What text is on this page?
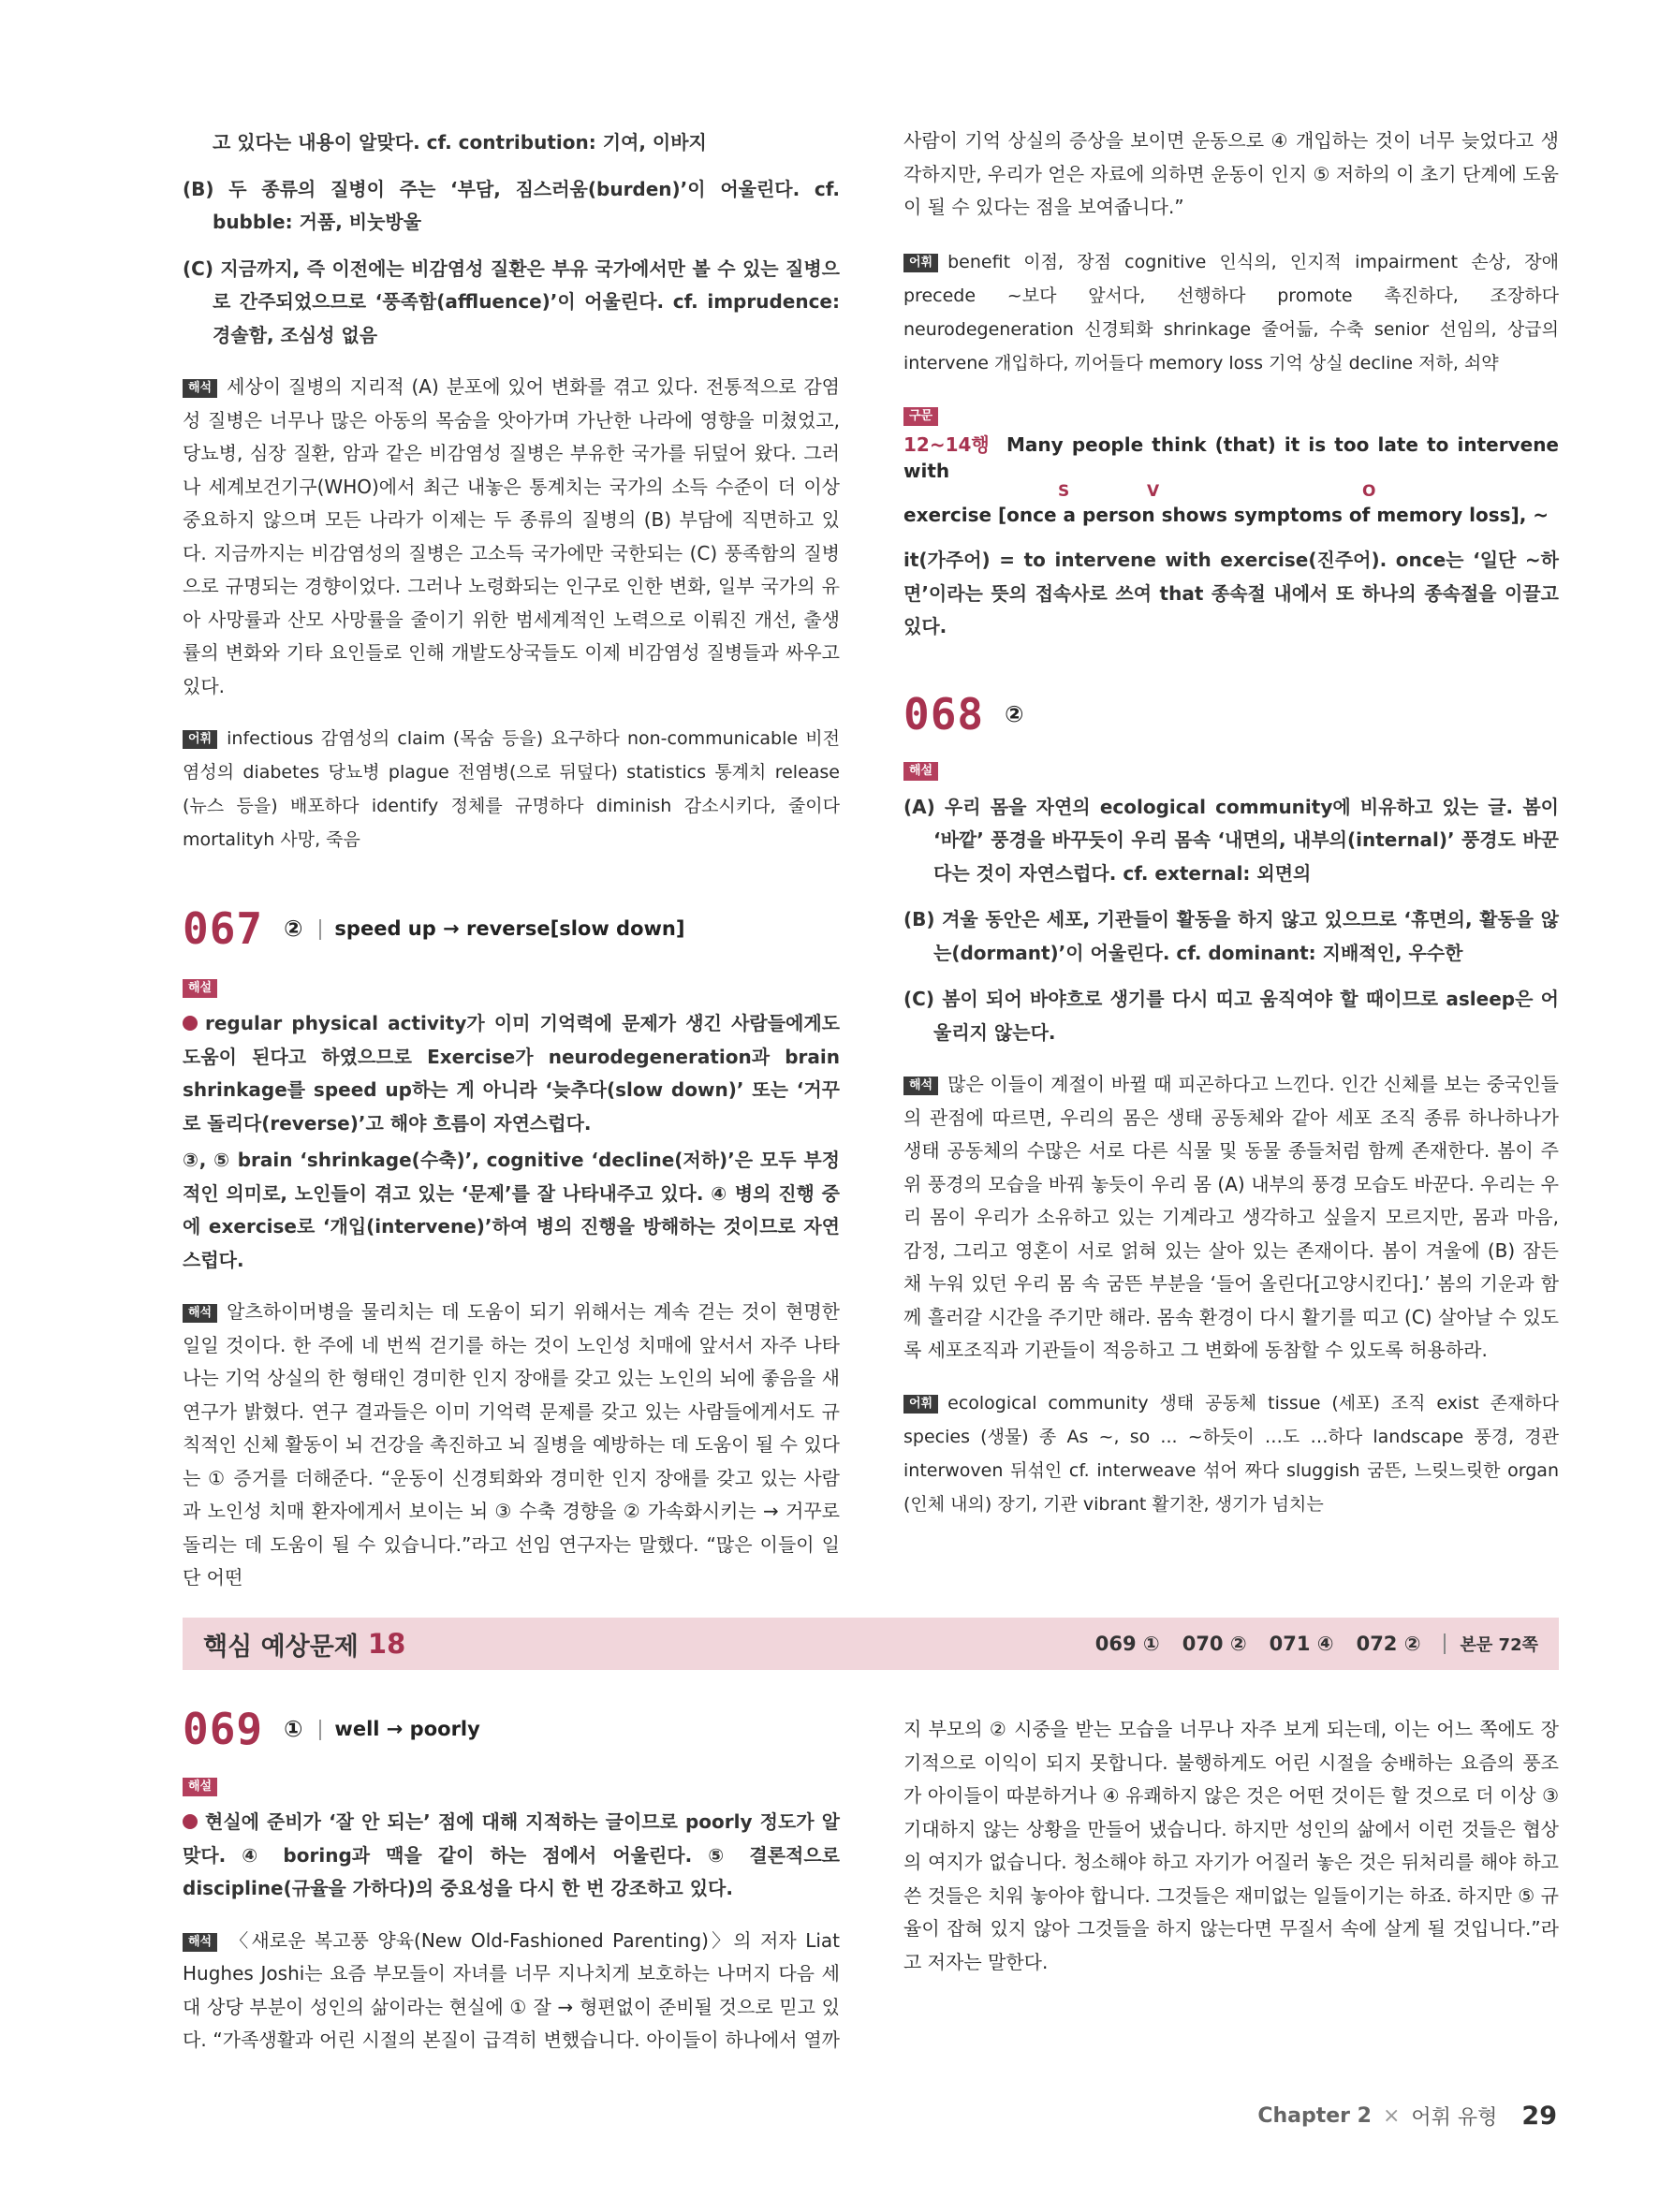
고 있다는 내용이 알맞다. cf. contribution: 기여, 이바지

(B) 두 종류의 질병이 주는 ‘부담, 짐스러움(burden)’이 어울린다. cf. bubble: 거품, 비눗방울

(C) 지금까지, 즉 이전에는 비감염성 질환은 부유 국가에서만 볼 수 있는 질병으로 간주되었으므로 ‘풍족함(affluence)’이 어울린다. cf. imprudence: 경솔함, 조심성 없음

해석 세상이 질병의 지리적 (A) 분포에 있어 변화를 겪고 있다. 전통적으로 감염성 질병은 너무나 많은 아동의 목숨을 앗아가며 가난한 나라에 영향을 미쳤었고, 당뇨병, 심장 질환, 암과 같은 비감염성 질병은 부유한 국가를 뒤덮어 왔다. 그러나 세계보건기구(WHO)에서 최근 내놓은 통계치는 국가의 소득 수준이 더 이상 중요하지 않으며 모든 나라가 이제는 두 종류의 질병의 (B) 부담에 직면하고 있다. 지금까지는 비감염성의 질병은 고소득 국가에만 국한되는 (C) 풍족함의 질병으로 규명되는 경향이었다. 그러나 노령화되는 인구로 인한 변화, 일부 국가의 유아 사망률과 산모 사망률을 줄이기 위한 범세계적인 노력으로 이뤄진 개선, 출생률의 변화와 기타 요인들로 인해 개발도상국들도 이제 비감염성 질병들과 싸우고 있다.

어휘 infectious 감염성의 claim (목숨 등을) 요구하다 non-communicable 비전염성의 diabetes 당뇨병 plague 전염병(으로 뒤덮다) statistics 통계치 release (뉴스 등을) 배포하다 identify 정체를 규명하다 diminish 감소시키다, 줄이다 mortalityh 사망, 죽음

067 ② speed up → reverse[slow down]
해설

regular physical activity가 이미 기억력에 문제가 생긴 사람들에게도 도움이 된다고 하였으므로 Exercise가 neurodegeneration과 brain shrinkage를 speed up하는 게 아니라 ‘늦추다(slow down)’ 또는 ‘거꾸로 돌리다(reverse)’고 해야 흐름이 자연스럽다.

③, ⑤ brain ‘shrinkage(수축)’, cognitive ‘decline(저하)’은 모두 부정적인 의미로, 노인들이 겪고 있는 ‘문제’를 잘 나타내주고 있다. ④ 병의 진행 중에 exercise로 ‘개입(intervene)’하여 병의 진행을 방해하는 것이므로 자연스럽다.

해석 알츠하이머병을 물리치는 데 도움이 되기 위해서는 계속 걷는 것이 현명한 일일 것이다. 한 주에 네 번씩 걷기를 하는 것이 노인성 치매에 앞서서 자주 나타나는 기억 상실의 한 형태인 경미한 인지 장애를 갖고 있는 노인의 뇌에 좋음을 새 연구가 밝혔다. 연구 결과들은 이미 기억력 문제를 갖고 있는 사람들에게서도 규칙적인 신체 활동이 뇌 건강을 촉진하고 뇌 질병을 예방하는 데 도움이 될 수 있다는 ① 증거를 더해준다. “운동이 신경퇴화와 경미한 인지 장애를 갖고 있는 사람과 노인성 치매 환자에게서 보이는 뇌 ③ 수축 경향을 ② 가속화시키는 → 거꾸로 돌리는 데 도움이 될 수 있습니다.”라고 선임 연구자는 말했다. “많은 이들이 일단 어떤

사람이 기억 상실의 증상을 보이면 운동으로 ④ 개입하는 것이 너무 늦었다고 생각하지만, 우리가 얻은 자료에 의하면 운동이 인지 ⑤ 저하의 이 초기 단계에 도움이 될 수 있다는 점을 보여줍니다.”

어휘 benefit 이점, 장점 cognitive 인식의, 인지적 impairment 손상, 장애 precede ~보다 앞서다, 선행하다 promote 촉진하다, 조장하다 neurodegeneration 신경퇴화 shrinkage 줄어듦, 수축 senior 선임의, 상급의 intervene 개입하다, 끼어들다 memory loss 기억 상실 decline 저하, 쇠약

구문

12~14행 Many people think (that) it is too late to intervene with

S	V	O

exercise [once a person shows symptoms of memory loss], ~

it(가주어) = to intervene with exercise(진주어). once는 ‘일단 ~하면’이라는 뜻의 접속사로 쓰여 that 종속절 내에서 또 하나의 종속절을 이끌고 있다.

068 ②
해설

(A) 우리 몸을 자연의 ecological community에 비유하고 있는 글. 봄이 ‘바깥’ 풍경을 바꾸듯이 우리 몸속 ‘내면의, 내부의(internal)’ 풍경도 바꾼다는 것이 자연스럽다. cf. external: 외면의

(B) 겨울 동안은 세포, 기관들이 활동을 하지 않고 있으므로 ‘휴면의, 활동을 않는(dormant)’이 어울린다. cf. dominant: 지배적인, 우수한

(C) 봄이 되어 바야흐로 생기를 다시 띠고 움직여야 할 때이므로 asleep은 어울리지 않는다.

해석 많은 이들이 계절이 바뀔 때 피곤하다고 느낀다. 인간 신체를 보는 중국인들의 관점에 따르면, 우리의 몸은 생태 공동체와 같아 세포 조직 종류 하나하나가 생태 공동체의 수많은 서로 다른 식물 및 동물 종들처럼 함께 존재한다. 봄이 주위 풍경의 모습을 바꿔 놓듯이 우리 몸 (A) 내부의 풍경 모습도 바꾼다. 우리는 우리 몸이 우리가 소유하고 있는 기계라고 생각하고 싶을지 모르지만, 몸과 마음, 감정, 그리고 영혼이 서로 얽혀 있는 살아 있는 존재이다. 봄이 겨울에 (B) 잠든 채 누워 있던 우리 몸 속 굼뜬 부분을 ‘들어 올린다[고양시킨다].’ 봄의 기운과 함께 흘러갈 시간을 주기만 해라. 몸속 환경이 다시 활기를 띠고 (C) 살아날 수 있도록 세포조직과 기관들이 적응하고 그 변화에 동참할 수 있도록 허용하라.

어휘 ecological community 생태 공동체 tissue (세포) 조직 exist 존재하다 species (생물) 종 As ~, so ... ~하듯이 …도 …하다 landscape 풍경, 경관 interwoven 뒤섞인 cf. interweave 섞어 짜다 sluggish 굼뜬, 느릿느릿한 organ (인체 내의) 장기, 기관 vibrant 활기찬, 생기가 넘치는

핵심 예상문제 18	069 ① 070 ② 071 ④ 072 ② 본문 72쪽
069 ① well → poorly
해설

현실에 준비가 ‘잘 안 되는’ 점에 대해 지적하는 글이므로 poorly 정도가 알맞다. ④ boring과 맥을 같이 하는 점에서 어울린다. ⑤ 결론적으로 discipline(규율을 가하다)의 중요성을 다시 한 번 강조하고 있다.

해석 〈새로운 복고풍 양육(New Old-Fashioned Parenting)〉의 저자 Liat Hughes Joshi는 요즘 부모들이 자녀를 너무 지나치게 보호하는 나머지 다음 세대 상당 부분이 성인의 삶이라는 현실에 ① 잘 → 형편없이 준비될 것으로 믿고 있다. “가족생활과 어린 시절의 본질이 급격히 변했습니다. 아이들이 하나에서 열까

지 부모의 ② 시중을 받는 모습을 너무나 자주 보게 되는데, 이는 어느 쪽에도 장기적으로 이익이 되지 못합니다. 불행하게도 어린 시절을 숭배하는 요즘의 풍조가 아이들이 따분하거나 ④ 유쾌하지 않은 것은 어떤 것이든 할 것으로 더 이상 ③ 기대하지 않는 상황을 만들어 냈습니다. 하지만 성인의 삶에서 이런 것들은 협상의 여지가 없습니다. 청소해야 하고 자기가 어질러 놓은 것은 뒤처리를 해야 하고 쓴 것들은 치워 놓아야 합니다. 그것들은 재미없는 일들이기는 하죠. 하지만 ⑤ 규율이 잡혀 있지 않아 그것들을 하지 않는다면 무질서 속에 살게 될 것입니다.”라고 저자는 말한다.

Chapter 2 × 어휘 유형 29
